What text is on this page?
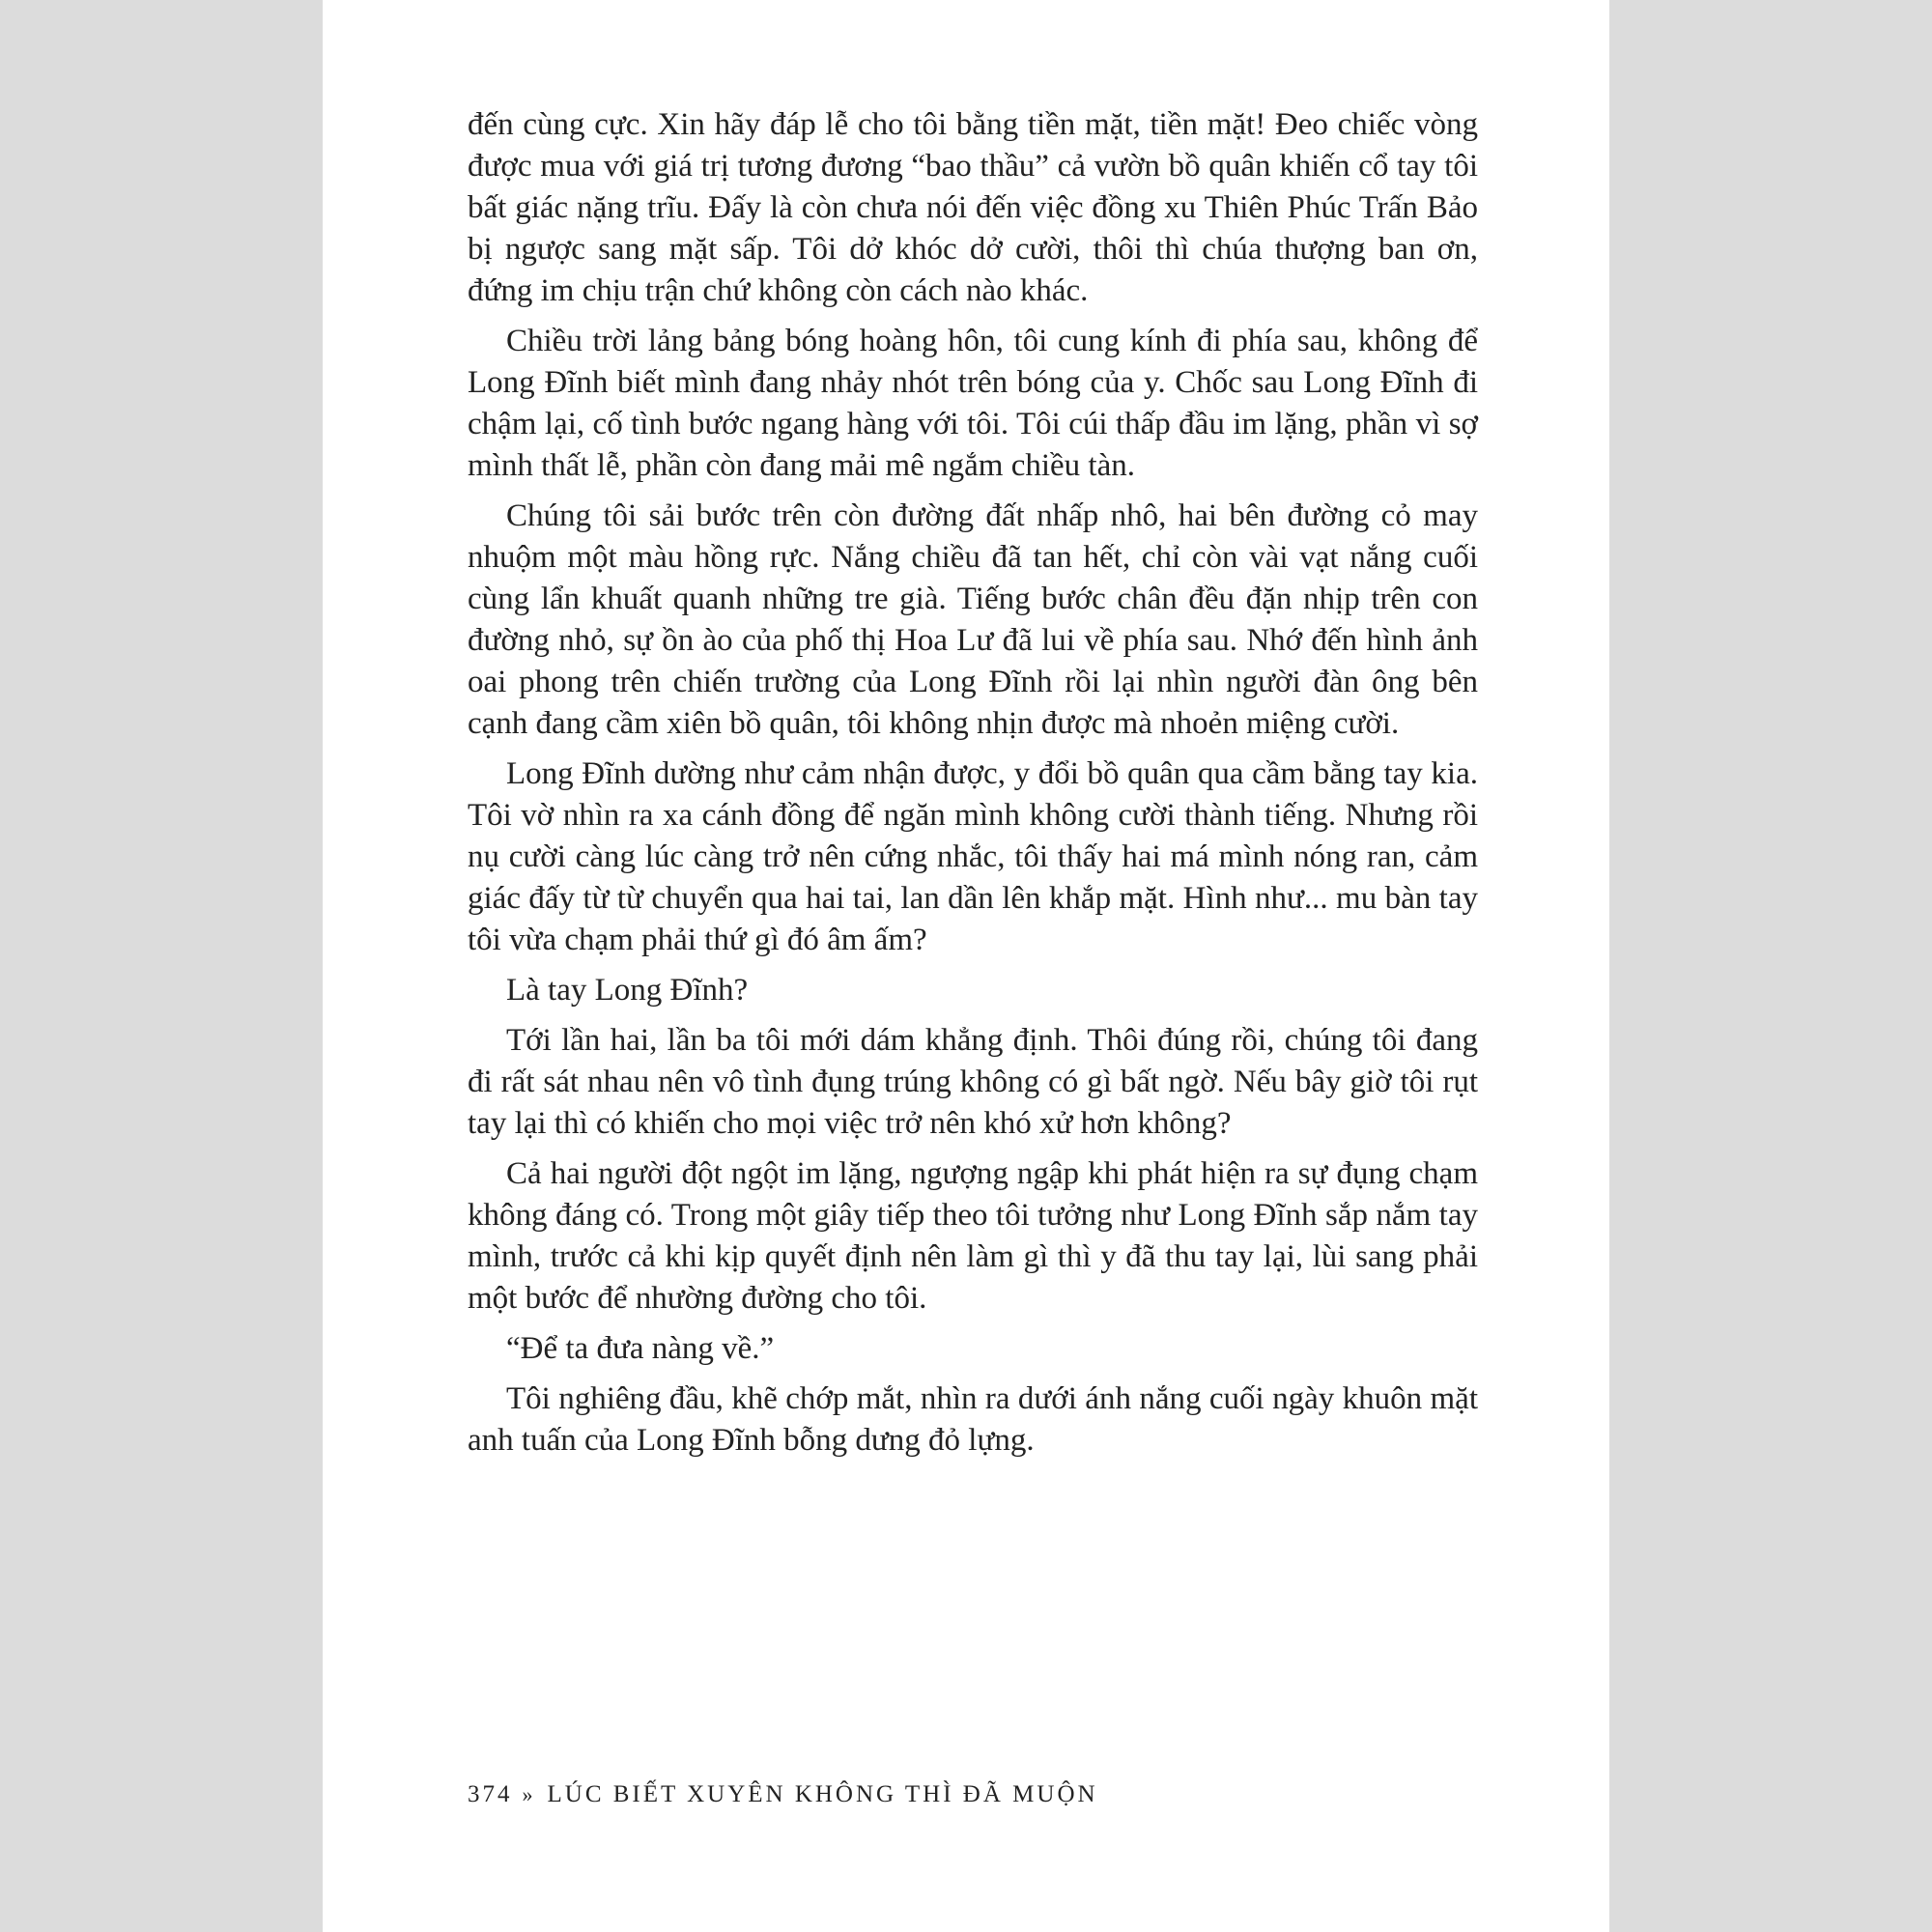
đến cùng cực. Xin hãy đáp lễ cho tôi bằng tiền mặt, tiền mặt! Đeo chiếc vòng được mua với giá trị tương đương “bao thầu” cả vườn bồ quân khiến cổ tay tôi bất giác nặng trĩu. Đấy là còn chưa nói đến việc đồng xu Thiên Phúc Trấn Bảo bị ngược sang mặt sấp. Tôi dở khóc dở cười, thôi thì chúa thượng ban ơn, đứng im chịu trận chứ không còn cách nào khác.

Chiều trời lảng bảng bóng hoàng hôn, tôi cung kính đi phía sau, không để Long Đĩnh biết mình đang nhảy nhót trên bóng của y. Chốc sau Long Đĩnh đi chậm lại, cố tình bước ngang hàng với tôi. Tôi cúi thấp đầu im lặng, phần vì sợ mình thất lễ, phần còn đang mải mê ngắm chiều tàn.

Chúng tôi sải bước trên còn đường đất nhấp nhô, hai bên đường cỏ may nhuộm một màu hồng rực. Nắng chiều đã tan hết, chỉ còn vài vạt nắng cuối cùng lẩn khuất quanh những tre già. Tiếng bước chân đều đặn nhịp trên con đường nhỏ, sự ồn ào của phố thị Hoa Lư đã lui về phía sau. Nhớ đến hình ảnh oai phong trên chiến trường của Long Đĩnh rồi lại nhìn người đàn ông bên cạnh đang cầm xiên bồ quân, tôi không nhịn được mà nhoẻn miệng cười.

Long Đĩnh dường như cảm nhận được, y đổi bồ quân qua cầm bằng tay kia. Tôi vờ nhìn ra xa cánh đồng để ngăn mình không cười thành tiếng. Nhưng rồi nụ cười càng lúc càng trở nên cứng nhắc, tôi thấy hai má mình nóng ran, cảm giác đấy từ từ chuyển qua hai tai, lan dần lên khắp mặt. Hình như... mu bàn tay tôi vừa chạm phải thứ gì đó âm ấm?

Là tay Long Đĩnh?

Tới lần hai, lần ba tôi mới dám khẳng định. Thôi đúng rồi, chúng tôi đang đi rất sát nhau nên vô tình đụng trúng không có gì bất ngờ. Nếu bây giờ tôi rụt tay lại thì có khiến cho mọi việc trở nên khó xử hơn không?

Cả hai người đột ngột im lặng, ngượng ngập khi phát hiện ra sự đụng chạm không đáng có. Trong một giây tiếp theo tôi tưởng như Long Đĩnh sắp nắm tay mình, trước cả khi kịp quyết định nên làm gì thì y đã thu tay lại, lùi sang phải một bước để nhường đường cho tôi.

“Để ta đưa nàng về.”

Tôi nghiêng đầu, khẽ chớp mắt, nhìn ra dưới ánh nắng cuối ngày khuôn mặt anh tuấn của Long Đĩnh bỗng dưng đỏ lựng.

374 » LÚC BIẾT XUYÊN KHÔNG THÌ ĐÃ MUỘN
